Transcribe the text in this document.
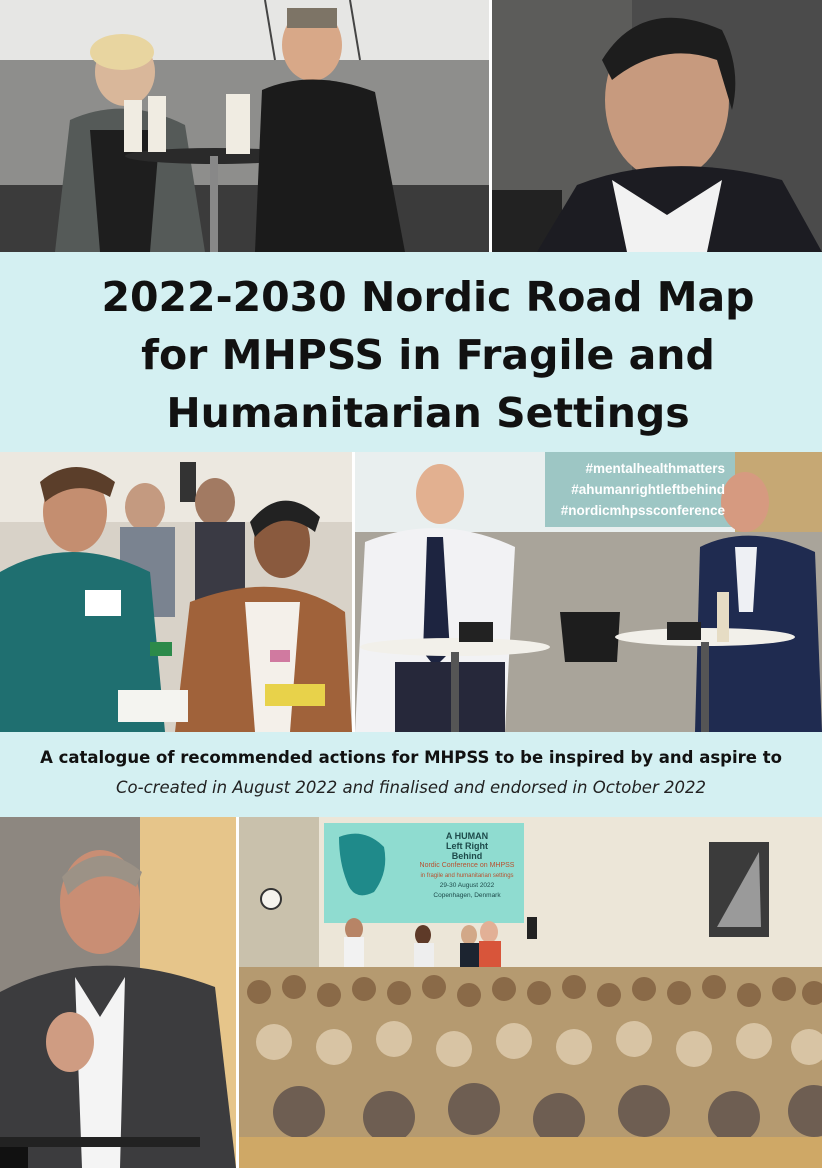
2022-2030 Nordic Road Map
for MHPSS in Fragile and
Humanitarian Settings
#mentalhealthmatters
#ahumanrightleftbehind
#nordicmhpssconference
A catalogue of recommended actions for MHPSS to be inspired by and aspire to
Co-created in August 2022 and finalised and endorsed in October 2022
A HUMAN
Left Right
Behind
Nordic Conference on MHPSS
in fragile and humanitarian settings
29-30 August 2022
Copenhagen, Denmark
